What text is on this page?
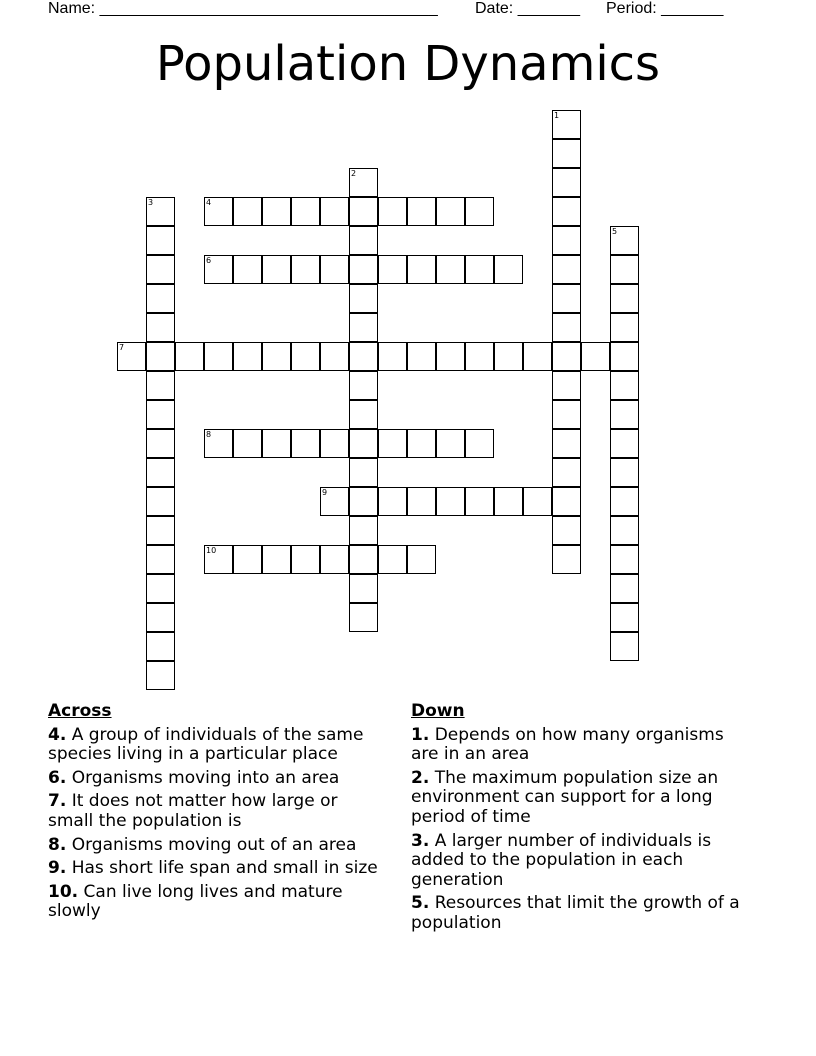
Name: ______________________________________ Date: _______ Period: _______
Population Dynamics
1
2
3	4
5
6
7
8
9
10
Across
4. A group of individuals of the same species living in a particular place
6. Organisms moving into an area
7. It does not matter how large or small the population is
8. Organisms moving out of an area
9. Has short life span and small in size
10. Can live long lives and mature slowly
Down
1. Depends on how many organisms are in an area
2. The maximum population size an environment can support for a long period of time
3. A larger number of individuals is added to the population in each generation
5. Resources that limit the growth of a population
